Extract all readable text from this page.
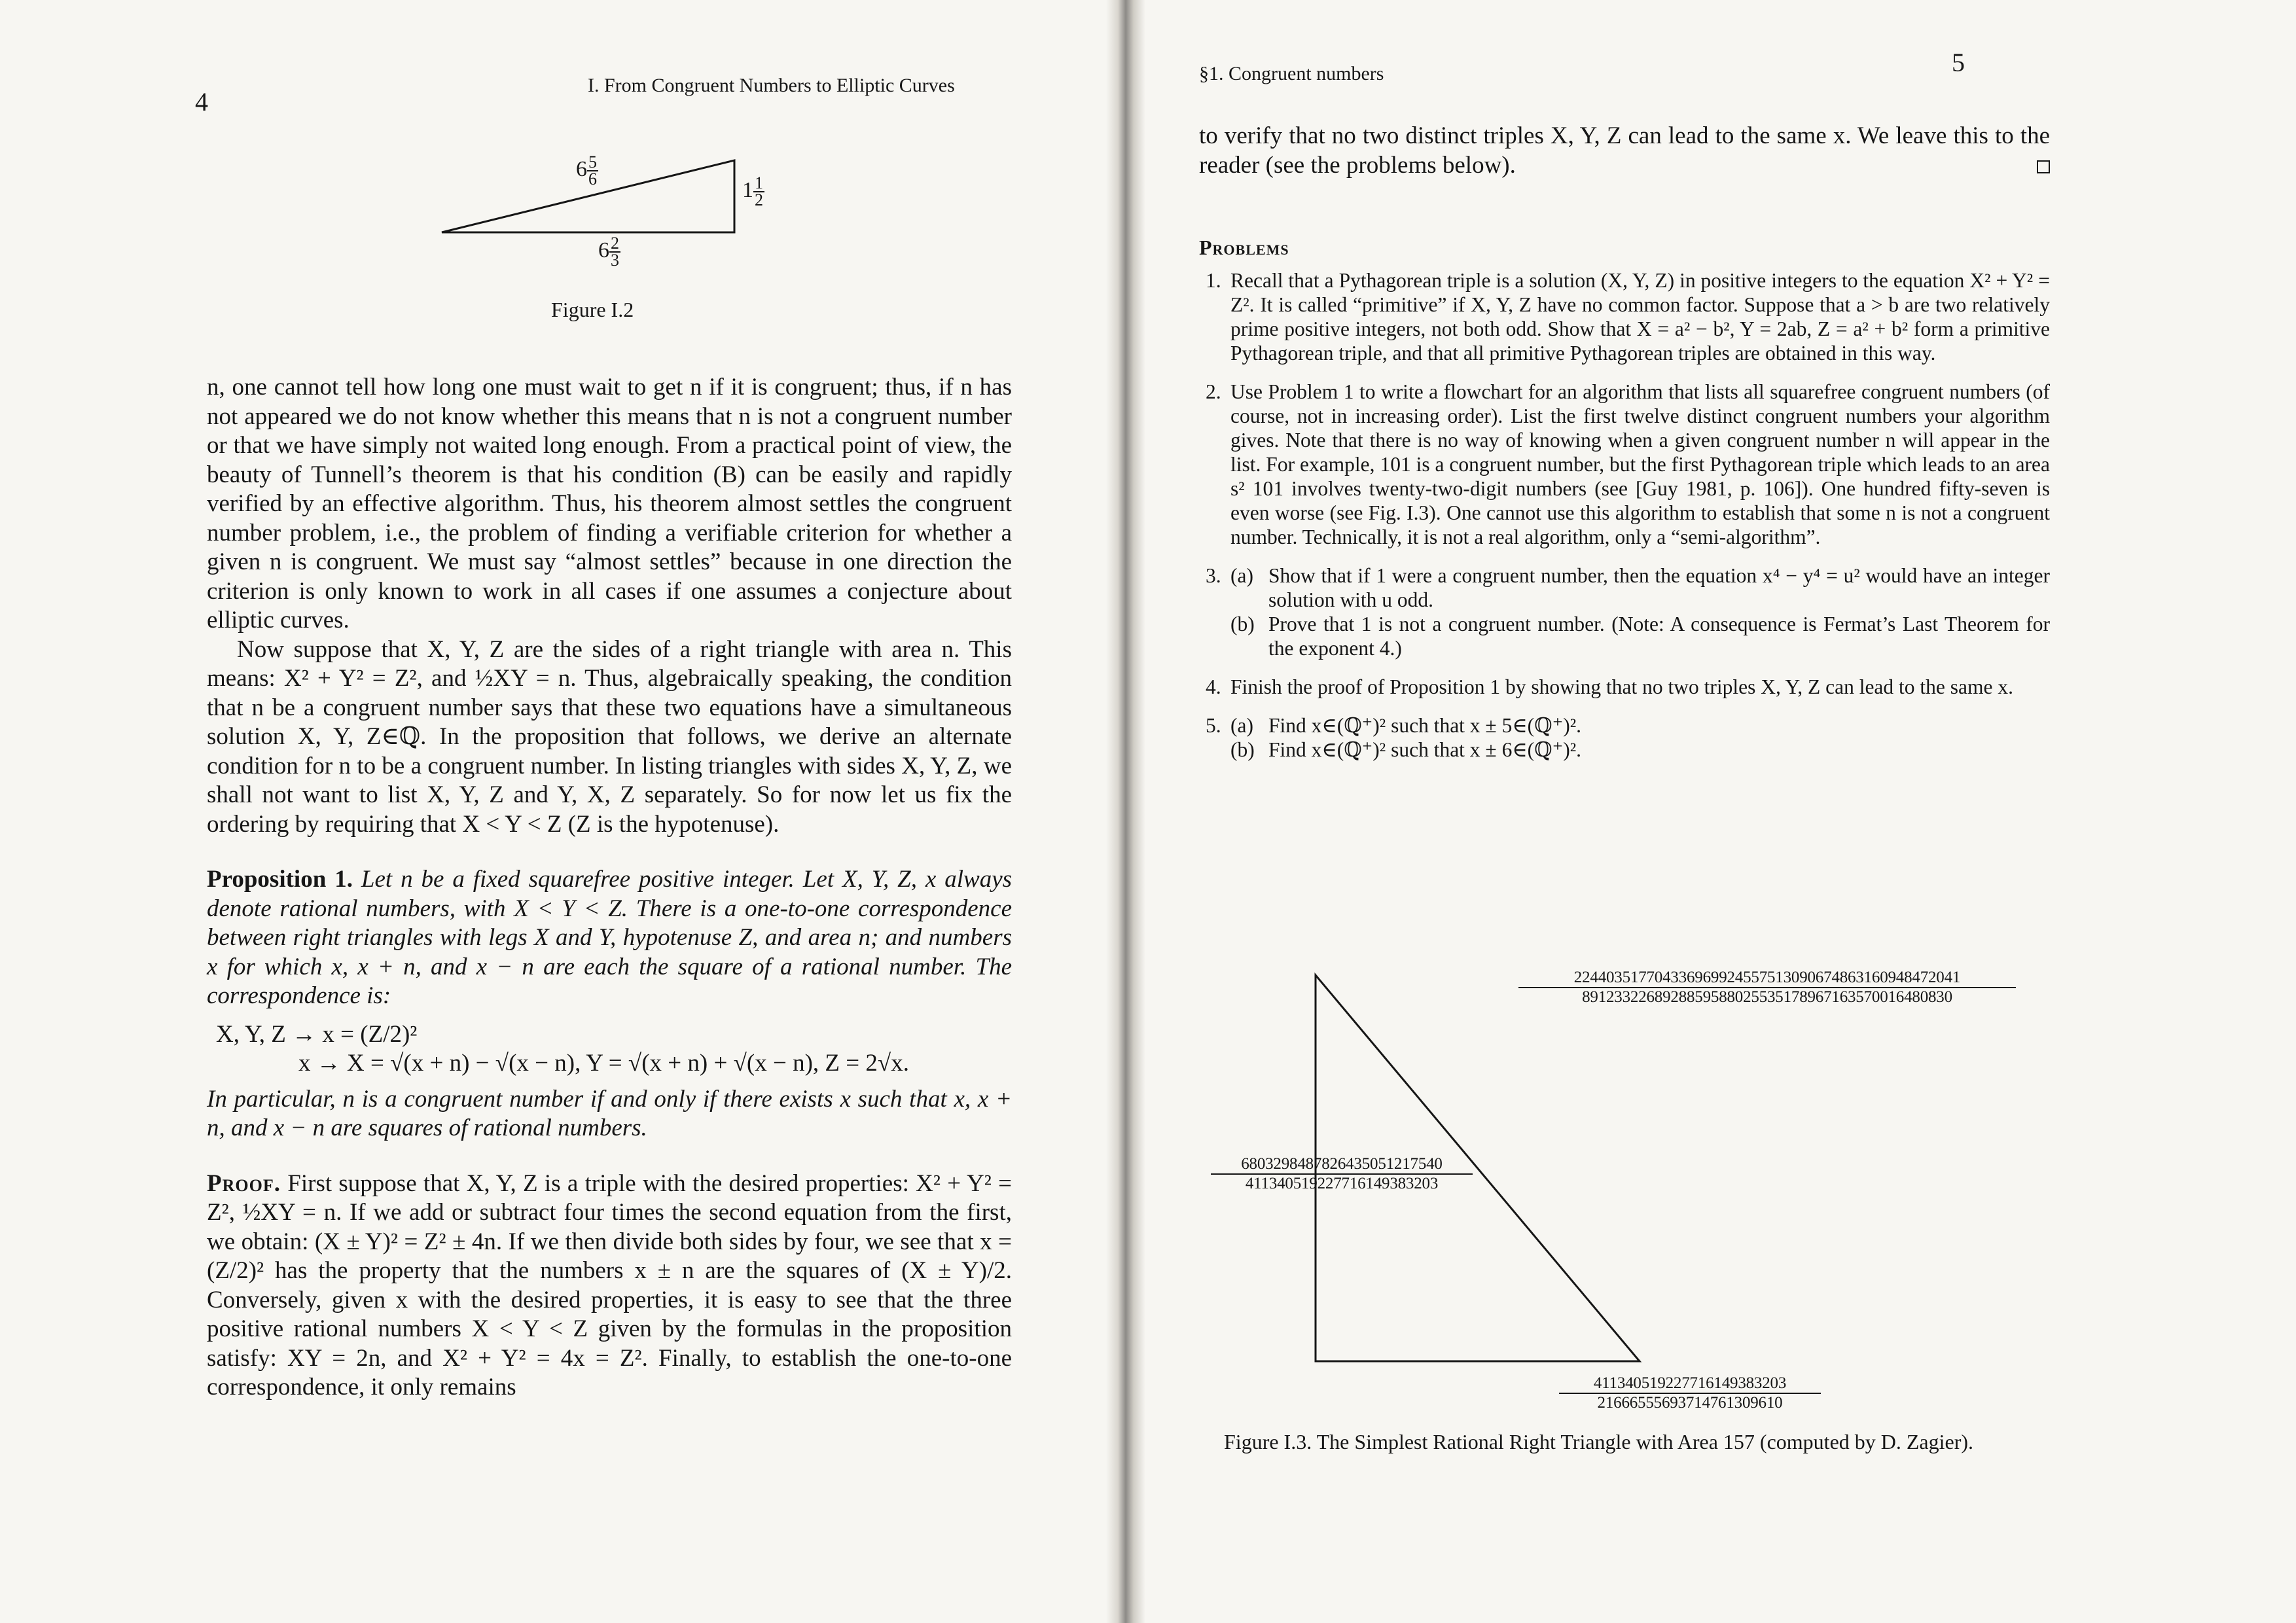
4
I. From Congruent Numbers to Elliptic Curves
$6 \frac{5}{6}$
$1 \frac{1}{2}$
$6 \frac{2}{3}$
Figure I.2

n, one cannot tell how long one must wait to get n if it is congruent; thus, if n has not appeared we do not know whether this means that n is not a congruent number or that we have simply not waited long enough. From a practical point of view, the beauty of Tunnell’s theorem is that his condition (B) can be easily and rapidly verified by an effective algorithm. Thus, his theorem almost settles the congruent number problem, i.e., the problem of finding a verifiable criterion for whether a given n is congruent. We must say “almost settles” because in one direction the criterion is only known to work in all cases if one assumes a conjecture about elliptic curves.

Now suppose that X, Y, Z are the sides of a right triangle with area n. This means: X² + Y² = Z², and ½XY = n. Thus, algebraically speaking, the condition that n be a congruent number says that these two equations have a simultaneous solution X, Y, Z∈ℚ. In the proposition that follows, we derive an alternate condition for n to be a congruent number. In listing triangles with sides X, Y, Z, we shall not want to list X, Y, Z and Y, X, Z separately. So for now let us fix the ordering by requiring that X < Y < Z (Z is the hypotenuse).

Proposition 1. Let n be a fixed squarefree positive integer. Let X, Y, Z, x always denote rational numbers, with X < Y < Z. There is a one-to-one correspondence between right triangles with legs X and Y, hypotenuse Z, and area n; and numbers x for which x, x + n, and x − n are each the square of a rational number. The correspondence is:

X, Y, Z → x = (Z/2)²

x → X = √(x + n) − √(x − n), Y = √(x + n) + √(x − n), Z = 2√x.

In particular, n is a congruent number if and only if there exists x such that x, x + n, and x − n are squares of rational numbers.

Proof. First suppose that X, Y, Z is a triple with the desired properties: X² + Y² = Z², ½XY = n. If we add or subtract four times the second equation from the first, we obtain: (X ± Y)² = Z² ± 4n. If we then divide both sides by four, we see that x = (Z/2)² has the property that the numbers x ± n are the squares of (X ± Y)/2. Conversely, given x with the desired properties, it is easy to see that the three positive rational numbers X < Y < Z given by the formulas in the proposition satisfy: XY = 2n, and X² + Y² = 4x = Z². Finally, to establish the one-to-one correspondence, it only remains

5
§1. Congruent numbers
to verify that no two distinct triples X, Y, Z can lead to the same x. We leave this to the reader (see the problems below).
Problems
1. Recall that a Pythagorean triple is a solution (X, Y, Z) in positive integers to the equation X² + Y² = Z². It is called “primitive” if X, Y, Z have no common factor. Suppose that a > b are two relatively prime positive integers, not both odd. Show that X = a² − b², Y = 2ab, Z = a² + b² form a primitive Pythagorean triple, and that all primitive Pythagorean triples are obtained in this way.
2. Use Problem 1 to write a flowchart for an algorithm that lists all squarefree congruent numbers (of course, not in increasing order). List the first twelve distinct congruent numbers your algorithm gives. Note that there is no way of knowing when a given congruent number n will appear in the list. For example, 101 is a congruent number, but the first Pythagorean triple which leads to an area s² 101 involves twenty-two-digit numbers (see [Guy 1981, p. 106]). One hundred fifty-seven is even worse (see Fig. I.3). One cannot use this algorithm to establish that some n is not a congruent number. Technically, it is not a real algorithm, only a “semi-algorithm”.
3. (a) Show that if 1 were a congruent number, then the equation x⁴ − y⁴ = u² would have an integer solution with u odd.
(b) Prove that 1 is not a congruent number. (Note: A consequence is Fermat’s Last Theorem for the exponent 4.)
4. Finish the proof of Proposition 1 by showing that no two triples X, Y, Z can lead to the same x.
5. (a) Find x∈(ℚ⁺)² such that x ± 5∈(ℚ⁺)².
(b) Find x∈(ℚ⁺)² such that x ± 6∈(ℚ⁺)².
224403517704336969924557513090674863160948472041
8912332268928859588025535178967163570016480830
6803298487826435051217540
411340519227716149383203
411340519227716149383203
21666555693714761309610
Figure I.3. The Simplest Rational Right Triangle with Area 157 (computed by D. Zagier).
